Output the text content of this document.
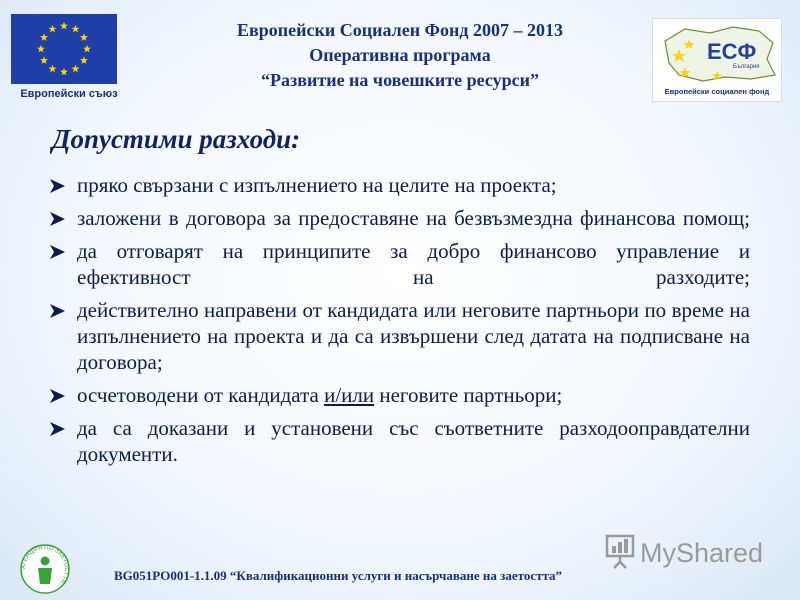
Европейски съюз
Европейски Социален Фонд 2007 – 2013
Оперативна програма
“Развитие на човешките ресурси”
ЕСФ
България
Европейски социален фонд
Допустими разходи:
пряко свързани с изпълнението на целите на проекта;
заложени в договора за предоставяне на безвъзмездна финансова помощ;
да отговарят на принципите за добро финансово управление и ефективност на разходите;
действително направени от кандидата или неговите партньори по време на изпълнението на проекта и да са извършени след датата на подписване на договора;
осчетоводени от кандидата и/или неговите партньори;
да са доказани и установени със съответните разходооправдателни документи.
АГЕНЦИЯ ПО ЗАЕТОСТТА	BG051PO001-1.1.09 “Квалификационни услуги и насърчаване на заетостта”
MyShared
